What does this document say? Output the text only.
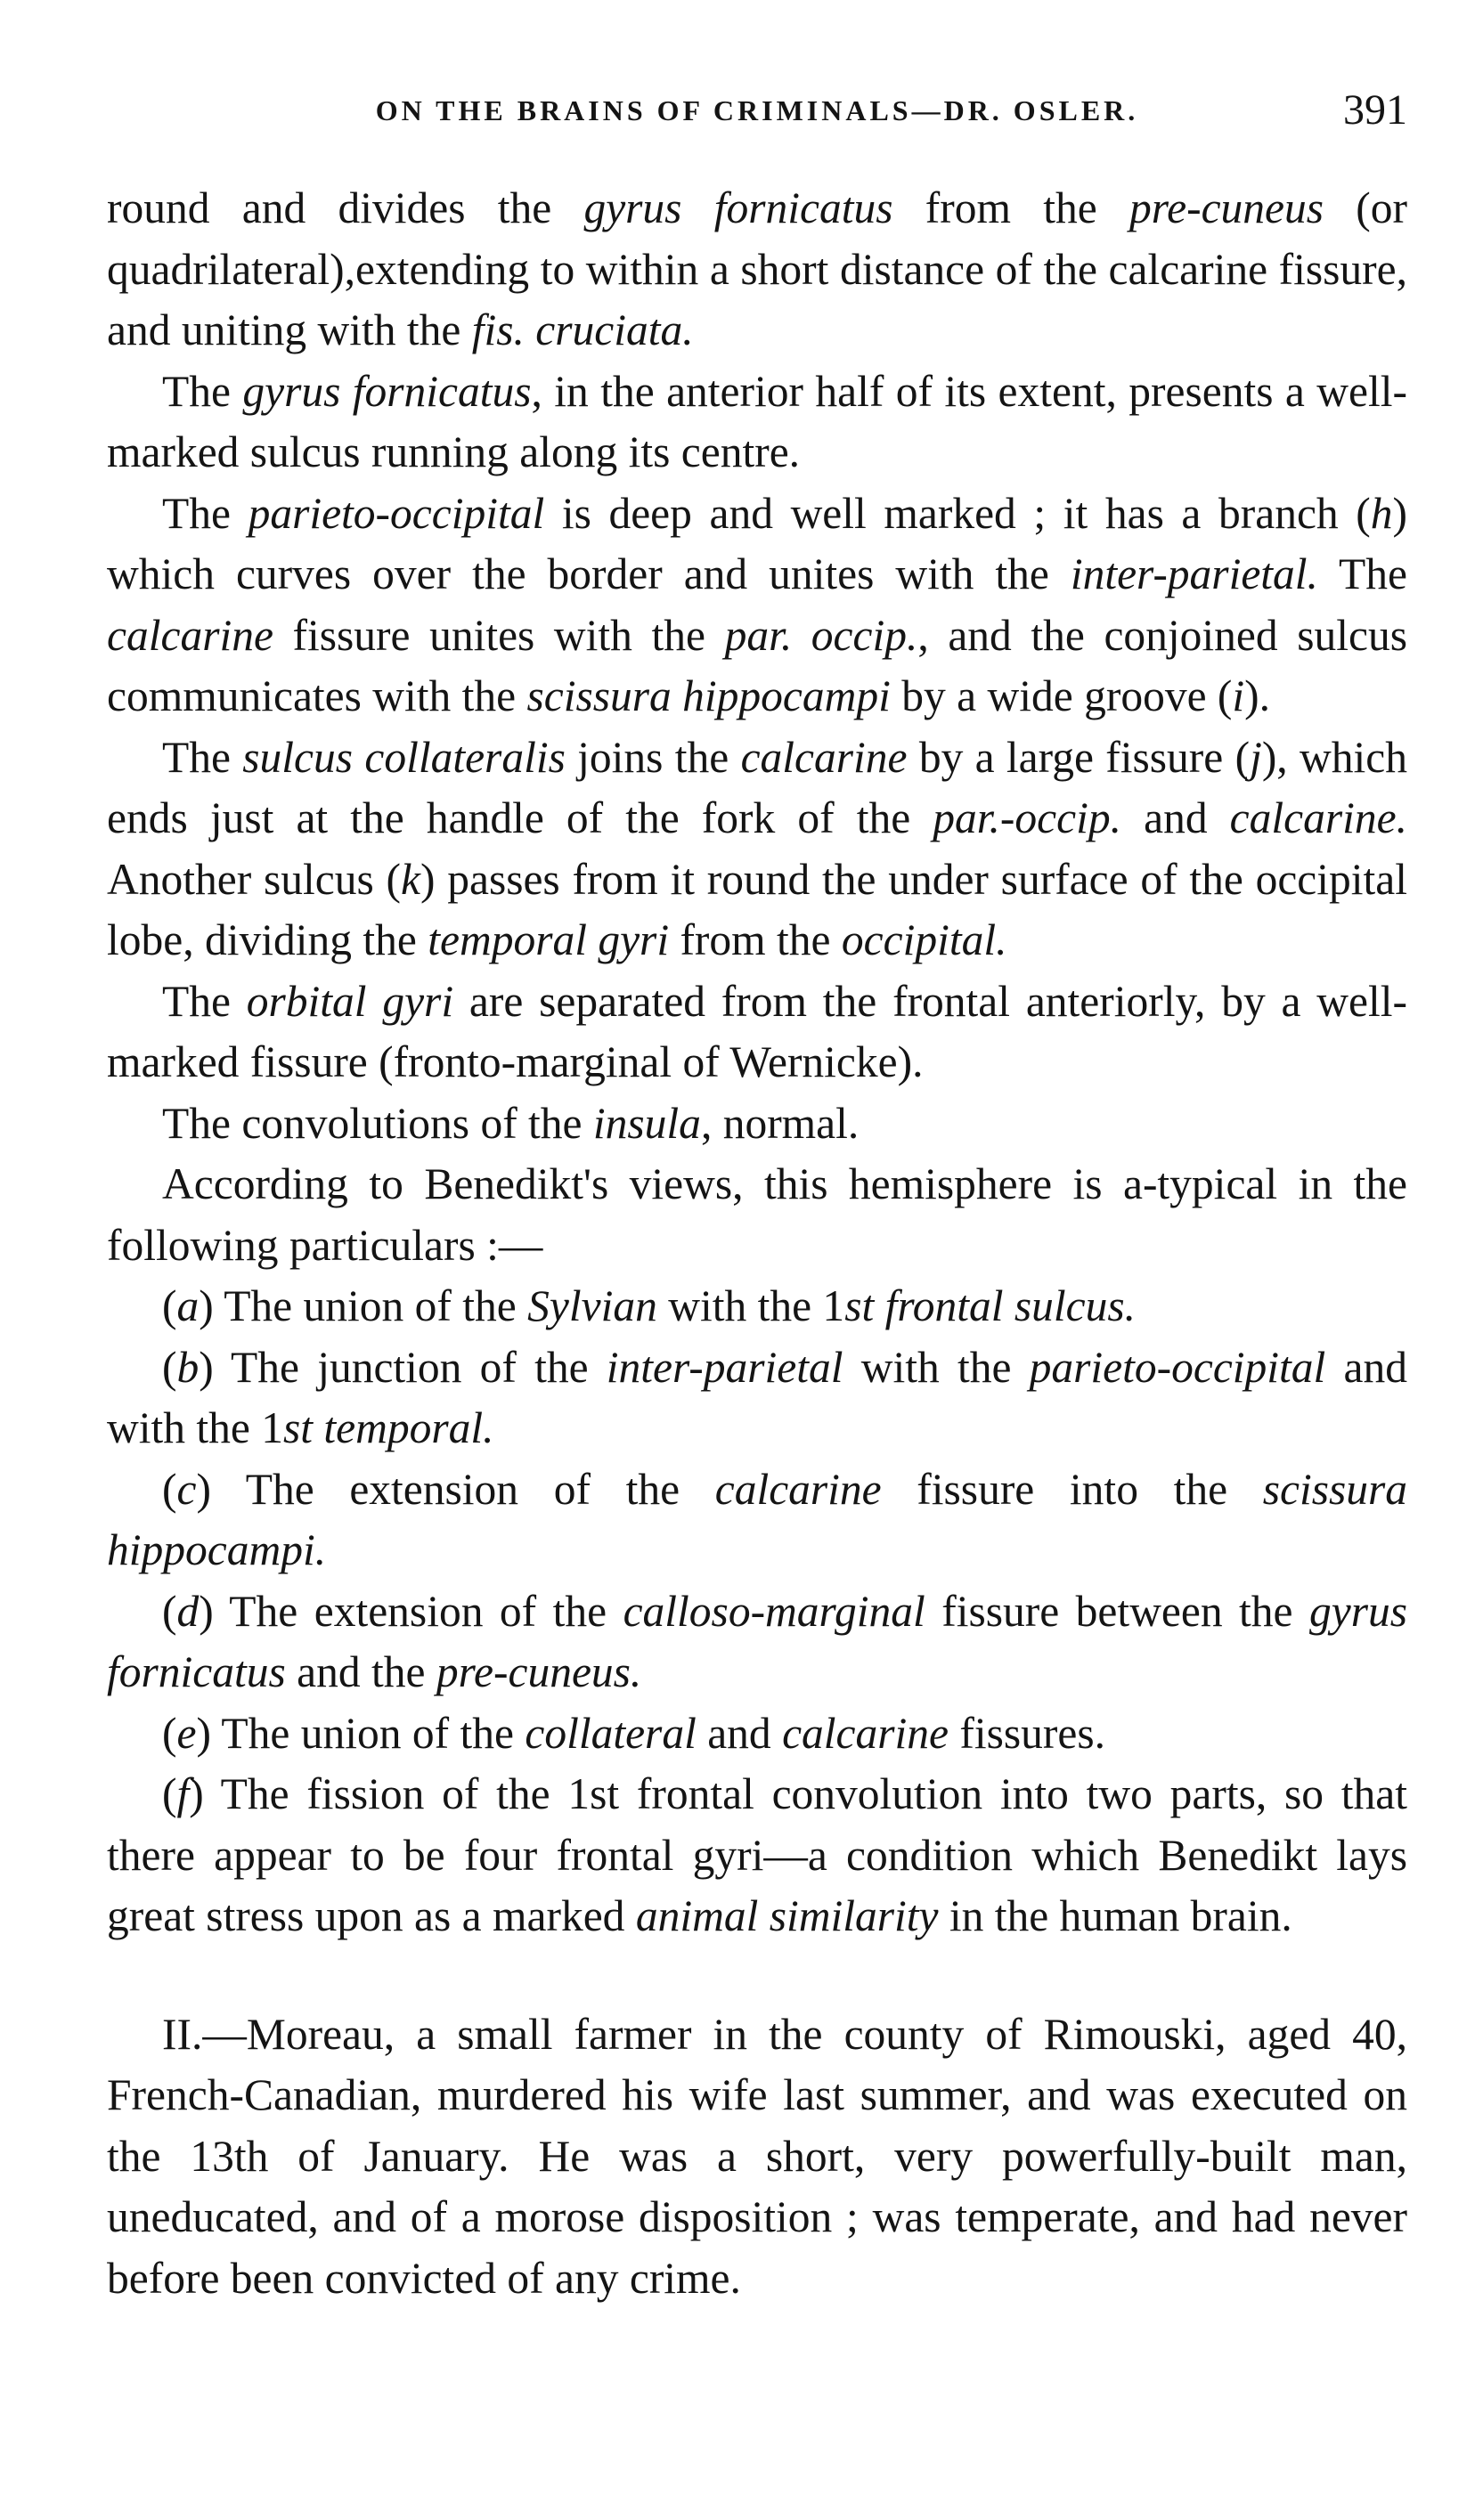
ON THE BRAINS OF CRIMINALS—DR. OSLER.	391

round and divides the gyrus fornicatus from the pre-cuneus (or quadrilateral),extending to within a short distance of the calcarine fissure, and uniting with the fis. cruciata.

The gyrus fornicatus, in the anterior half of its extent, presents a well-marked sulcus running along its centre.

The parieto-occipital is deep and well marked ; it has a branch (h) which curves over the border and unites with the inter-parietal. The calcarine fissure unites with the par. occip., and the conjoined sulcus communicates with the scissura hippocampi by a wide groove (i).

The sulcus collateralis joins the calcarine by a large fissure (j), which ends just at the handle of the fork of the par.-occip. and calcarine. Another sulcus (k) passes from it round the under surface of the occipital lobe, dividing the temporal gyri from the occipital.

The orbital gyri are separated from the frontal anteriorly, by a well-marked fissure (fronto-marginal of Wernicke).

The convolutions of the insula, normal.

According to Benedikt's views, this hemisphere is a-typical in the following particulars :—

(a) The union of the Sylvian with the 1st frontal sulcus.

(b) The junction of the inter-parietal with the parieto-occipital and with the 1st temporal.

(c) The extension of the calcarine fissure into the scissura hippocampi.

(d) The extension of the calloso-marginal fissure between the gyrus fornicatus and the pre-cuneus.

(e) The union of the collateral and calcarine fissures.

(f) The fission of the 1st frontal convolution into two parts, so that there appear to be four frontal gyri—a condition which Benedikt lays great stress upon as a marked animal similarity in the human brain.

II.—Moreau, a small farmer in the county of Rimouski, aged 40, French-Canadian, murdered his wife last summer, and was executed on the 13th of January. He was a short, very powerfully-built man, uneducated, and of a morose disposition ; was temperate, and had never before been convicted of any crime.
